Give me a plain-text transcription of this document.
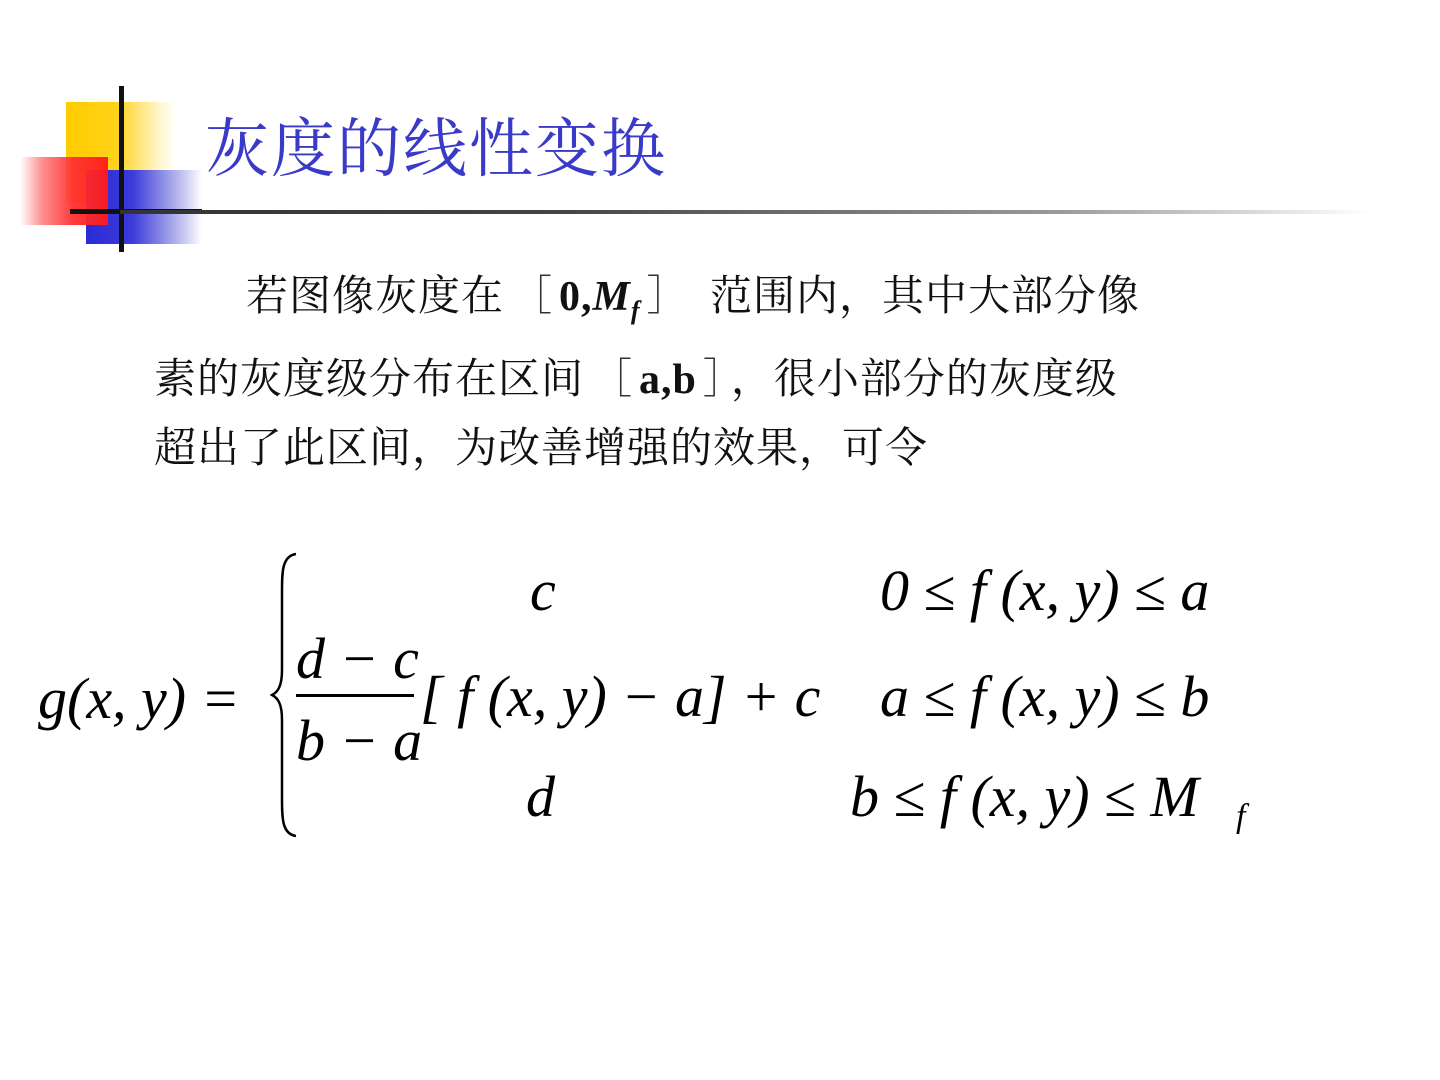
灰度的线性变换
若图像灰度在 ［ $0,M_f$ ］ 范围内，其中大部分像
素的灰度级分布在区间 ［ a,b ］ ，很小部分的灰度级
超出了此区间，为改善增强的效果，可令
g(x, y) =
c	0 ≤ f (x, y) ≤ a
d − c
b − a
[ f (x, y) − a] + c a ≤ f (x, y) ≤ b
d	b ≤ f (x, y) ≤ M f
